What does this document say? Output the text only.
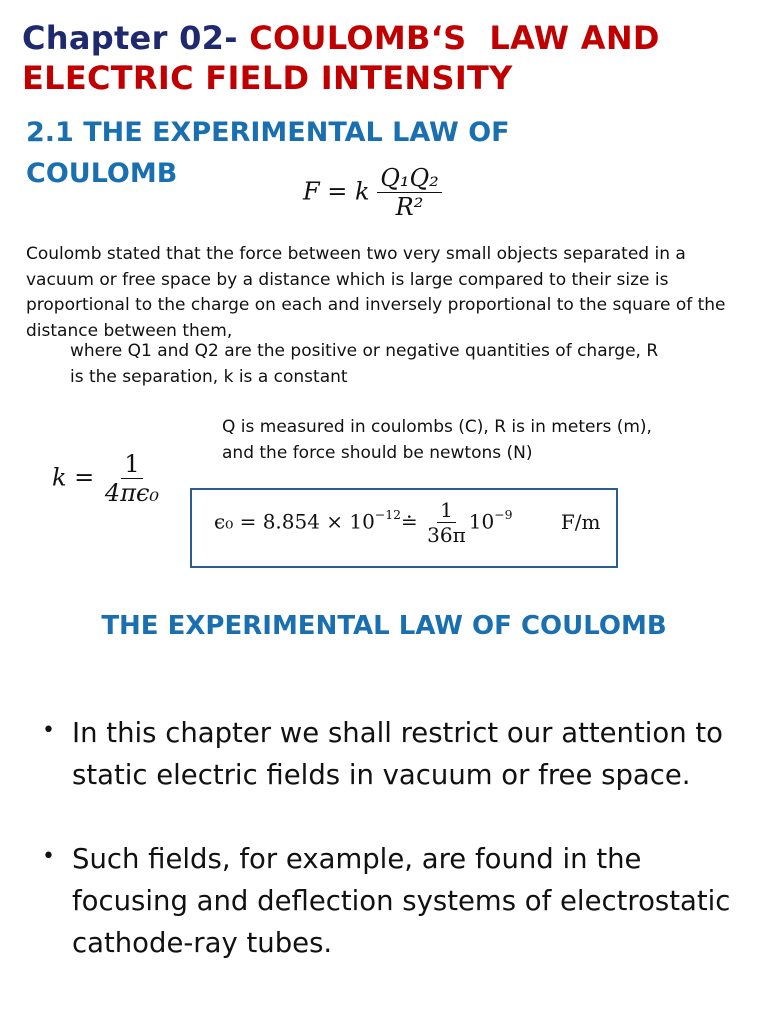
Chapter 02- COULOMB‘S  LAW AND
ELECTRIC FIELD INTENSITY
2.1 THE EXPERIMENTAL LAW OF
COULOMB
F = k $\frac{\text{Q₁Q₂}}{\text{R²}}$
Coulomb stated that the force between two very small objects separated in a vacuum or free space by a distance which is large compared to their size is proportional to the charge on each and inversely proportional to the square of the distance between them,
where Q1 and Q2 are the positive or negative quantities of charge, R is the separation, k is a constant
Q is measured in coulombs (C), R is in meters (m), and the force should be newtons (N)
$k = \frac{1}{\text{4πϵ₀}}$
$\epsilon_0 = 8.854 \times 10^{-12}≐ \frac{1}{36\pi} 10^{-9}$ F/m
THE EXPERIMENTAL LAW OF COULOMB
• In this chapter we shall restrict our attention to static electric fields in vacuum or free space.
• Such fields, for example, are found in the focusing and deflection systems of electrostatic cathode-ray tubes.
